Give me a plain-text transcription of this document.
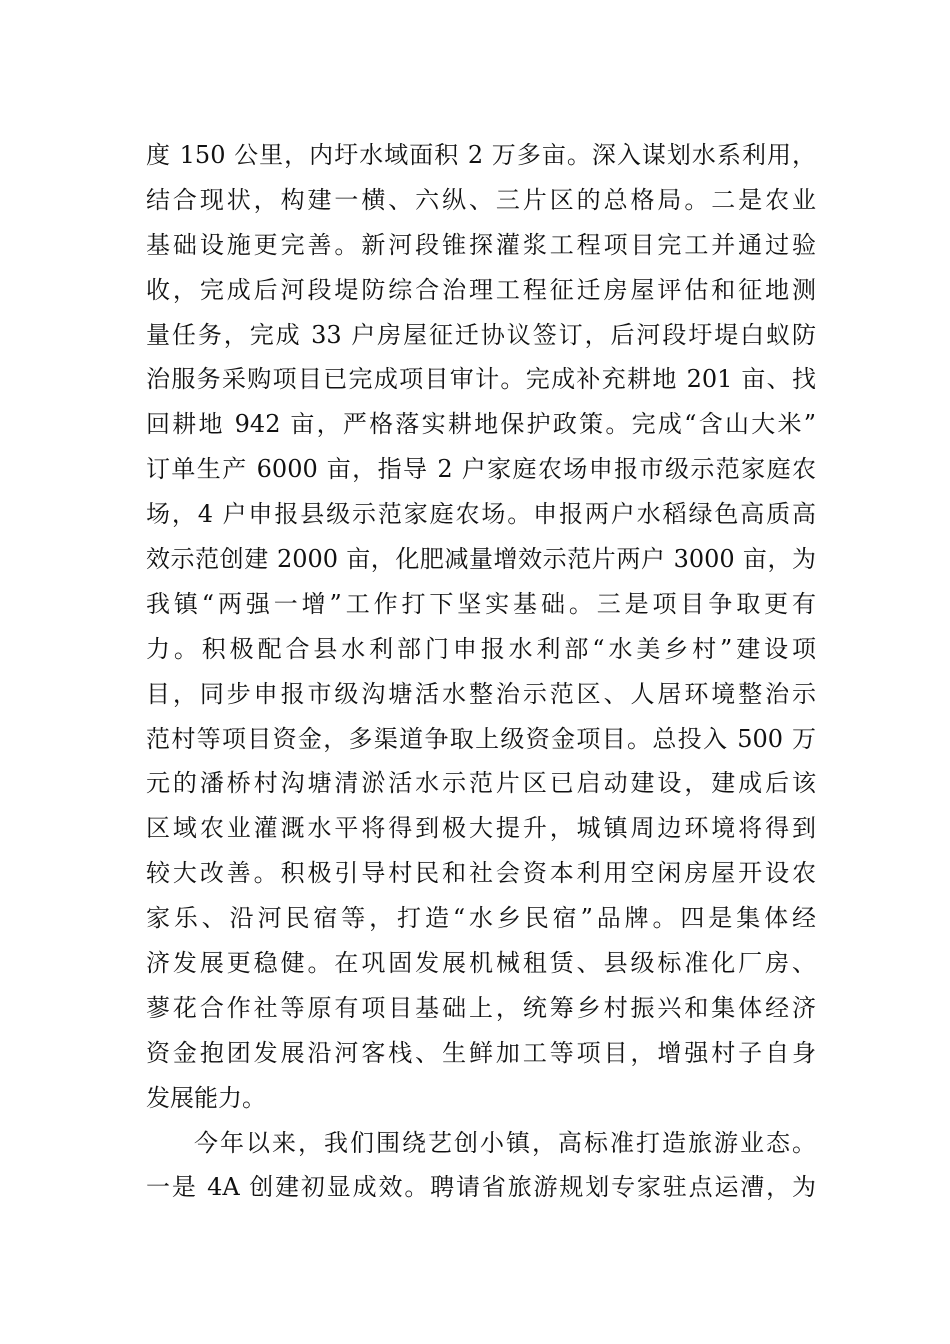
度 150 公里，内圩水域面积 2 万多亩。深入谋划水系利用，
结合现状，构建一横、六纵、三片区的总格局。二是农业
基础设施更完善。新河段锥探灌浆工程项目完工并通过验
收，完成后河段堤防综合治理工程征迁房屋评估和征地测
量任务，完成 33 户房屋征迁协议签订，后河段圩堤白蚁防
治服务采购项目已完成项目审计。完成补充耕地 201 亩、找
回耕地 942 亩，严格落实耕地保护政策。完成“含山大米”
订单生产 6000 亩，指导 2 户家庭农场申报市级示范家庭农
场，4 户申报县级示范家庭农场。申报两户水稻绿色高质高
效示范创建 2000 亩，化肥减量增效示范片两户 3000 亩，为
我镇“两强一增”工作打下坚实基础。三是项目争取更有
力。积极配合县水利部门申报水利部“水美乡村”建设项
目，同步申报市级沟塘活水整治示范区、人居环境整治示
范村等项目资金，多渠道争取上级资金项目。总投入 500 万
元的潘桥村沟塘清淤活水示范片区已启动建设，建成后该
区域农业灌溉水平将得到极大提升，城镇周边环境将得到
较大改善。积极引导村民和社会资本利用空闲房屋开设农
家乐、沿河民宿等，打造“水乡民宿”品牌。四是集体经
济发展更稳健。在巩固发展机械租赁、县级标准化厂房、
蓼花合作社等原有项目基础上，统筹乡村振兴和集体经济
资金抱团发展沿河客栈、生鲜加工等项目，增强村子自身
发展能力。
今年以来，我们围绕艺创小镇，高标准打造旅游业态。
一是 4A 创建初显成效。聘请省旅游规划专家驻点运漕，为
